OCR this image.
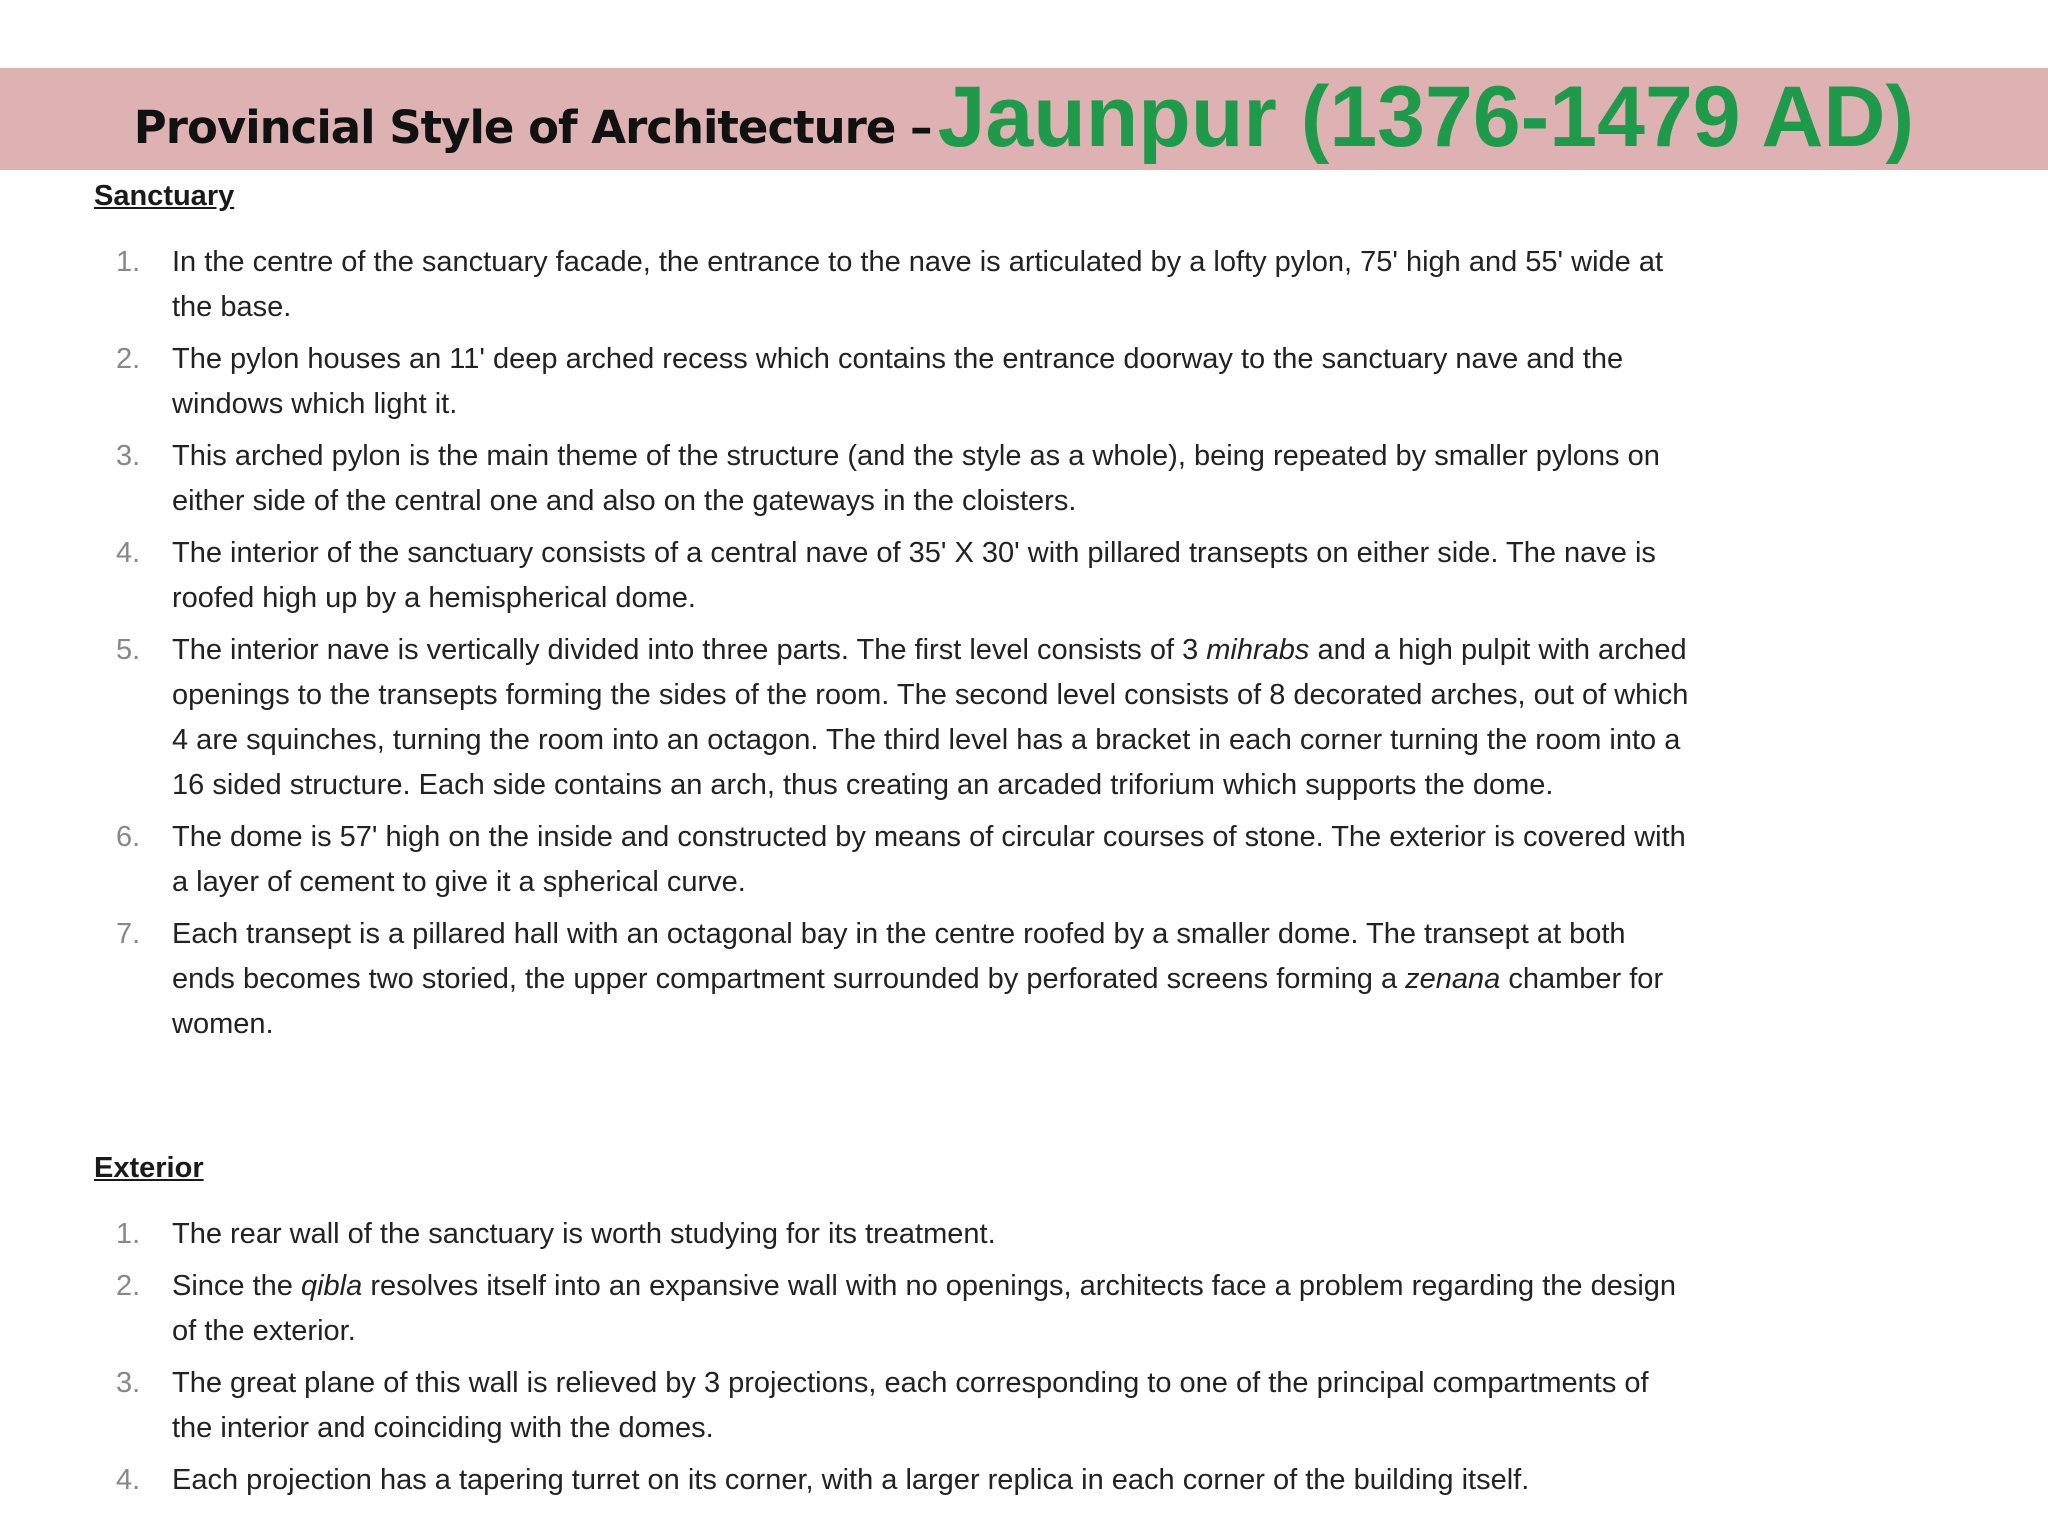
Provincial Style of Architecture – Jaunpur (1376-1479 AD)
Sanctuary
1. In the centre of the sanctuary facade, the entrance to the nave is articulated by a lofty pylon, 75' high and 55' wide at the base.
2. The pylon houses an 11' deep arched recess which contains the entrance doorway to the sanctuary nave and the windows which light it.
3. This arched pylon is the main theme of the structure (and the style as a whole), being repeated by smaller pylons on either side of the central one and also on the gateways in the cloisters.
4. The interior of the sanctuary consists of a central nave of 35' X 30' with pillared transepts on either side. The nave is roofed high up by a hemispherical dome.
5. The interior nave is vertically divided into three parts. The first level consists of 3 mihrabs and a high pulpit with arched openings to the transepts forming the sides of the room. The second level consists of 8 decorated arches, out of which 4 are squinches, turning the room into an octagon. The third level has a bracket in each corner turning the room into a 16 sided structure. Each side contains an arch, thus creating an arcaded triforium which supports the dome.
6. The dome is 57' high on the inside and constructed by means of circular courses of stone. The exterior is covered with a layer of cement to give it a spherical curve.
7. Each transept is a pillared hall with an octagonal bay in the centre roofed by a smaller dome. The transept at both ends becomes two storied, the upper compartment surrounded by perforated screens forming a zenana chamber for women.
Exterior
1. The rear wall of the sanctuary is worth studying for its treatment.
2. Since the qibla resolves itself into an expansive wall with no openings, architects face a problem regarding the design of the exterior.
3. The great plane of this wall is relieved by 3 projections, each corresponding to one of the principal compartments of the interior and coinciding with the domes.
4. Each projection has a tapering turret on its corner, with a larger replica in each corner of the building itself.
